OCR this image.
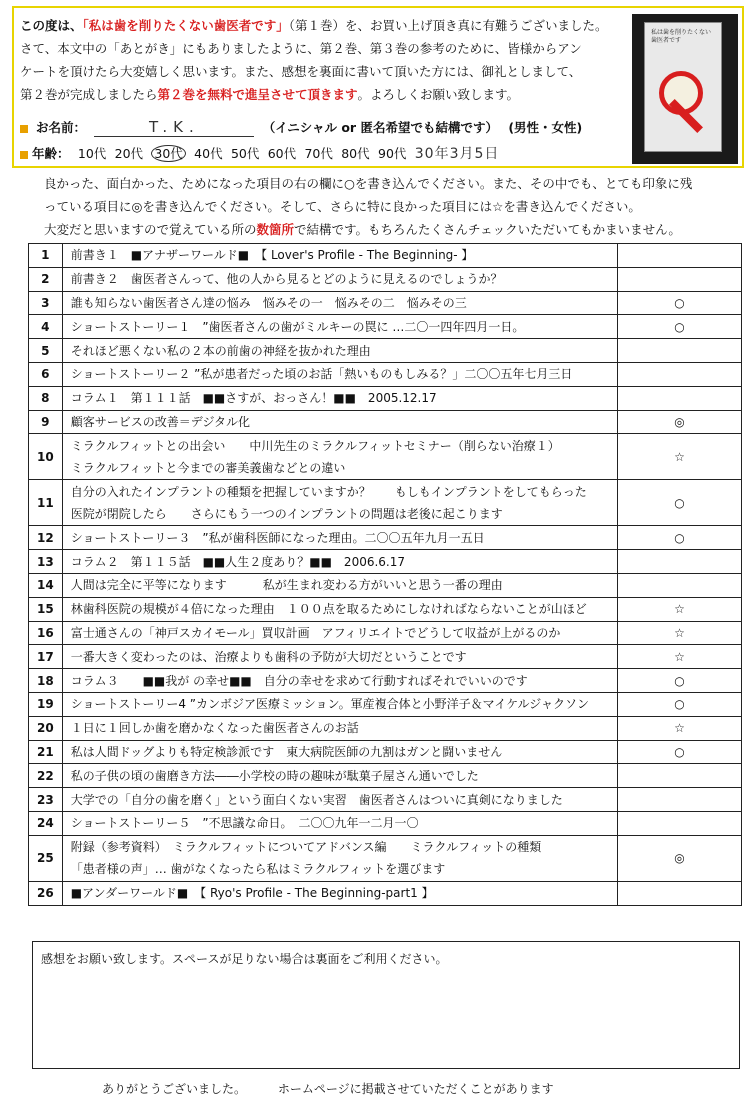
この度は、「私は歯を削りたくない歯医者です」（第１巻）を、お買い上げ頂き真に有難うございました。
さて、本文中の「あとがき」にもありましたように、第２巻、第３巻の参考のために、皆様からアン
ケートを頂けたら大変嬉しく思います。また、感想を裏面に書いて頂いた方には、御礼としまして、
第２巻が完成しましたら第２巻を無料で進呈させて頂きます。よろしくお願い致します。
お名前：	T.K.	（イニシャル or 匿名希望でも結構です） (男性・女性)
年齢： 10代 20代 30代 40代 50代 60代 70代 80代 90代 30年3月5日
私は歯を削りたくない歯医者です
良かった、面白かった、ためになった項目の右の欄に○を書き込んでください。また、その中でも、とても印象に残
っている項目に◎を書き込んでください。そして、さらに特に良かった項目には☆を書き込んでください。
大変だと思いますので覚えている所の数箇所で結構です。もちろんたくさんチェックいただいてもかまいません。
1	前書き１　■アナザーワールド■　【 Lover's Profile - The Beginning- 】	

2	前書き２　歯医者さんって、他の人から見るとどのように見えるのでしょうか？	

3	誰も知らない歯医者さん達の悩み　悩みその一　悩みその二　悩みその三	○
4	ショートストーリー１　”歯医者さんの歯がミルキーの罠に …二〇一四年四月一日。	○
5	それほど悪くない私の２本の前歯の神経を抜かれた理由	

6	ショートストーリー２ ”私が患者だった頃のお話「熱いものもしみる？」二〇〇五年七月三日	

8	コラム１　第１１１話　■■さすが、おっさん！■■　2005.12.17	

9	顧客サービスの改善＝デジタル化	◎
10	ミラクルフィットとの出会い　　中川先生のミラクルフィットセミナー（削らない治療１）
ミラクルフィットと今までの審美義歯などとの違い	☆
11	自分の入れたインプラントの種類を把握していますか？　　もしもインプラントをしてもらった
医院が閉院したら　　さらにもう一つのインプラントの問題は老後に起こります	○
12	ショートストーリー３　”私が歯科医師になった理由。二〇〇五年九月一五日	○
13	コラム２　第１１５話　■■人生２度あり？■■　2006.6.17	

14	人間は完全に平等になります　　　私が生まれ変わる方がいいと思う一番の理由	

15	林歯科医院の規模が４倍になった理由　１００点を取るためにしなければならないことが山ほど	☆
16	富士通さんの「神戸スカイモール」買収計画　アフィリエイトでどうして収益が上がるのか	☆
17	一番大きく変わったのは、治療よりも歯科の予防が大切だということです	☆
18	コラム３　　■■我が の幸せ■■　自分の幸せを求めて行動すればそれでいいのです	○
19	ショートストーリー4 ”カンボジア医療ミッション。軍産複合体と小野洋子＆マイケルジャクソン	○
20	１日に１回しか歯を磨かなくなった歯医者さんのお話	☆
21	私は人間ドッグよりも特定検診派です　東大病院医師の九割はガンと闘いません	○
22	私の子供の頃の歯磨き方法――小学校の時の趣味が駄菓子屋さん通いでした	

23	大学での「自分の歯を磨く」という面白くない実習　歯医者さんはついに真剣になりました	

24	ショートストーリー５　”不思議な命日。　二〇〇九年一二月一〇	

25	附録（参考資料）　ミラクルフィットについてアドバンス編　　ミラクルフィットの種類
「患者様の声」… 歯がなくなったら私はミラクルフィットを選びます	◎
26	■アンダーワールド■　【 Ryo's Profile - The Beginning-part1 】	

感想をお願い致します。スペースが足りない場合は裏面をご利用ください。
ありがとうございました。	ホームページに掲載させていただくことがあります
